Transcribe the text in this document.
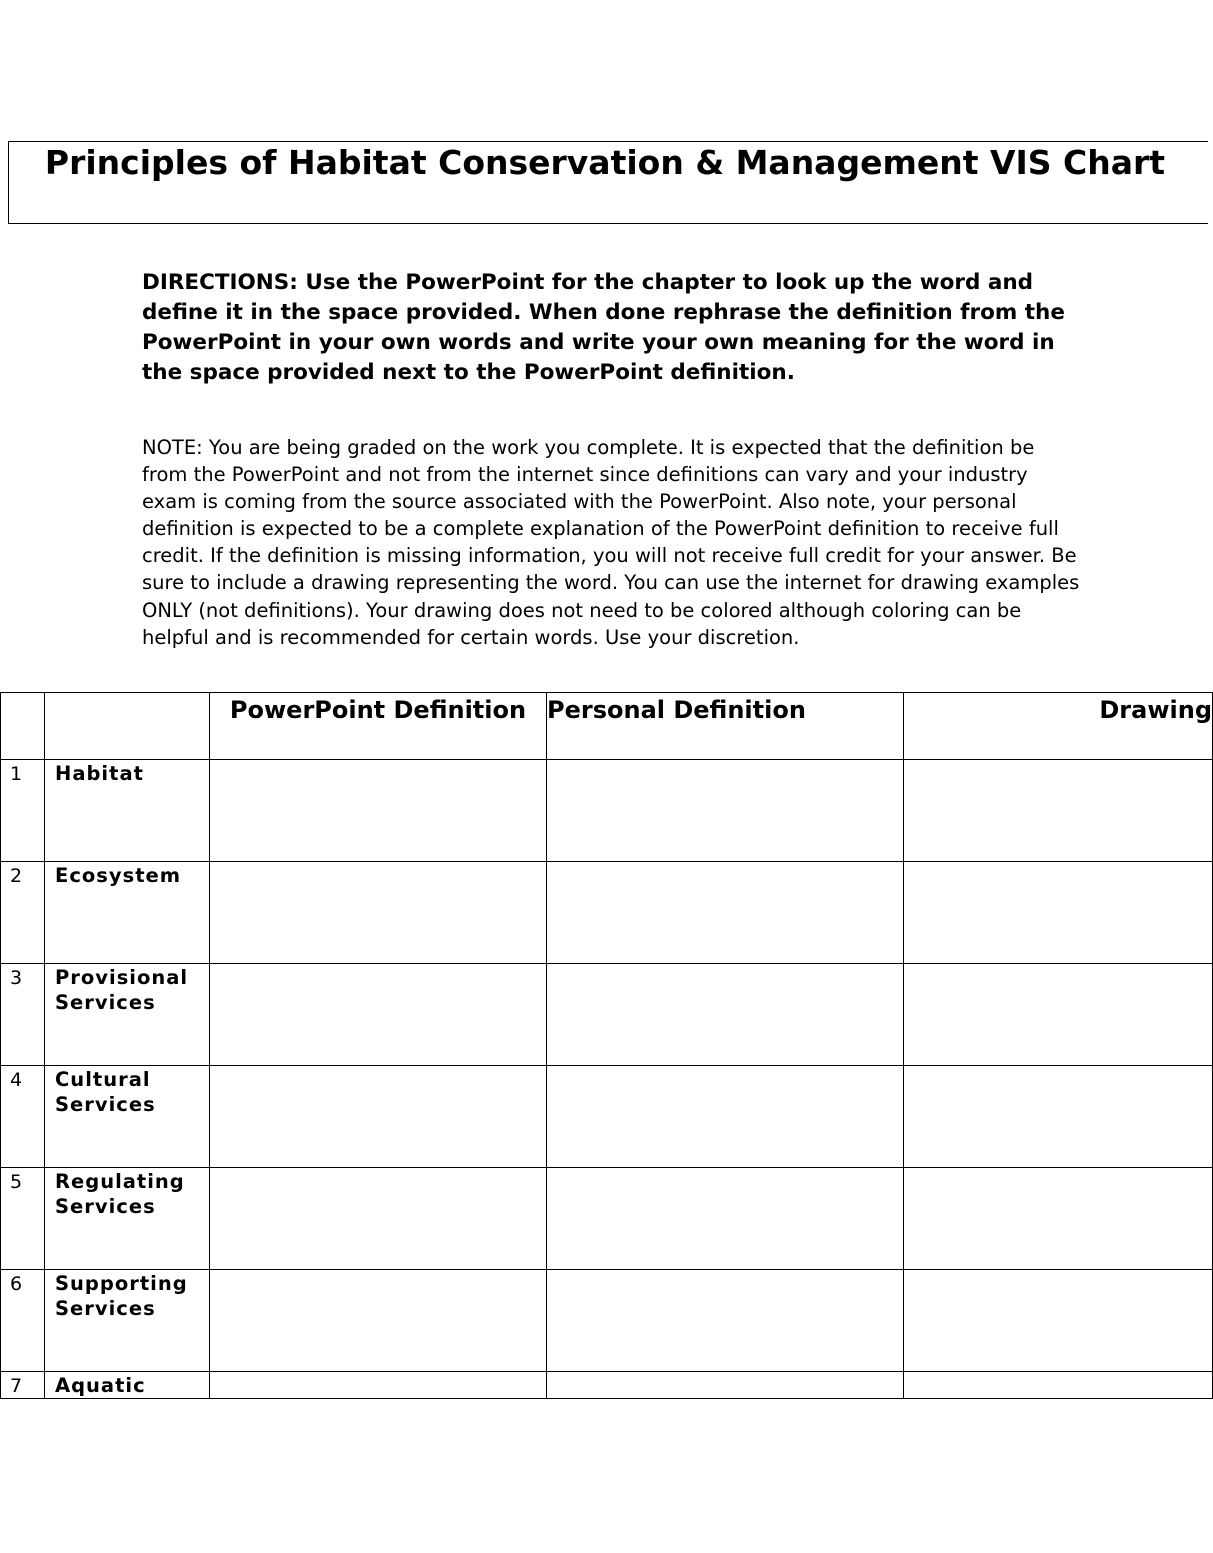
Principles of Habitat Conservation & Management VIS Chart

DIRECTIONS: Use the PowerPoint for the chapter to look up the word and define it in the space provided. When done rephrase the definition from the PowerPoint in your own words and write your own meaning for the word in the space provided next to the PowerPoint definition.

NOTE: You are being graded on the work you complete. It is expected that the definition be from the PowerPoint and not from the internet since definitions can vary and your industry exam is coming from the source associated with the PowerPoint. Also note, your personal definition is expected to be a complete explanation of the PowerPoint definition to receive full credit. If the definition is missing information, you will not receive full credit for your answer. Be sure to include a drawing representing the word. You can use the internet for drawing examples ONLY (not definitions). Your drawing does not need to be colored although coloring can be helpful and is recommended for certain words. Use your discretion.

		PowerPoint Definition	Personal Definition	Drawing
1	Habitat			
2	Ecosystem			
3	Provisional Services			
4	Cultural Services			
5	Regulating Services			
6	Supporting Services			
7	Aquatic			
